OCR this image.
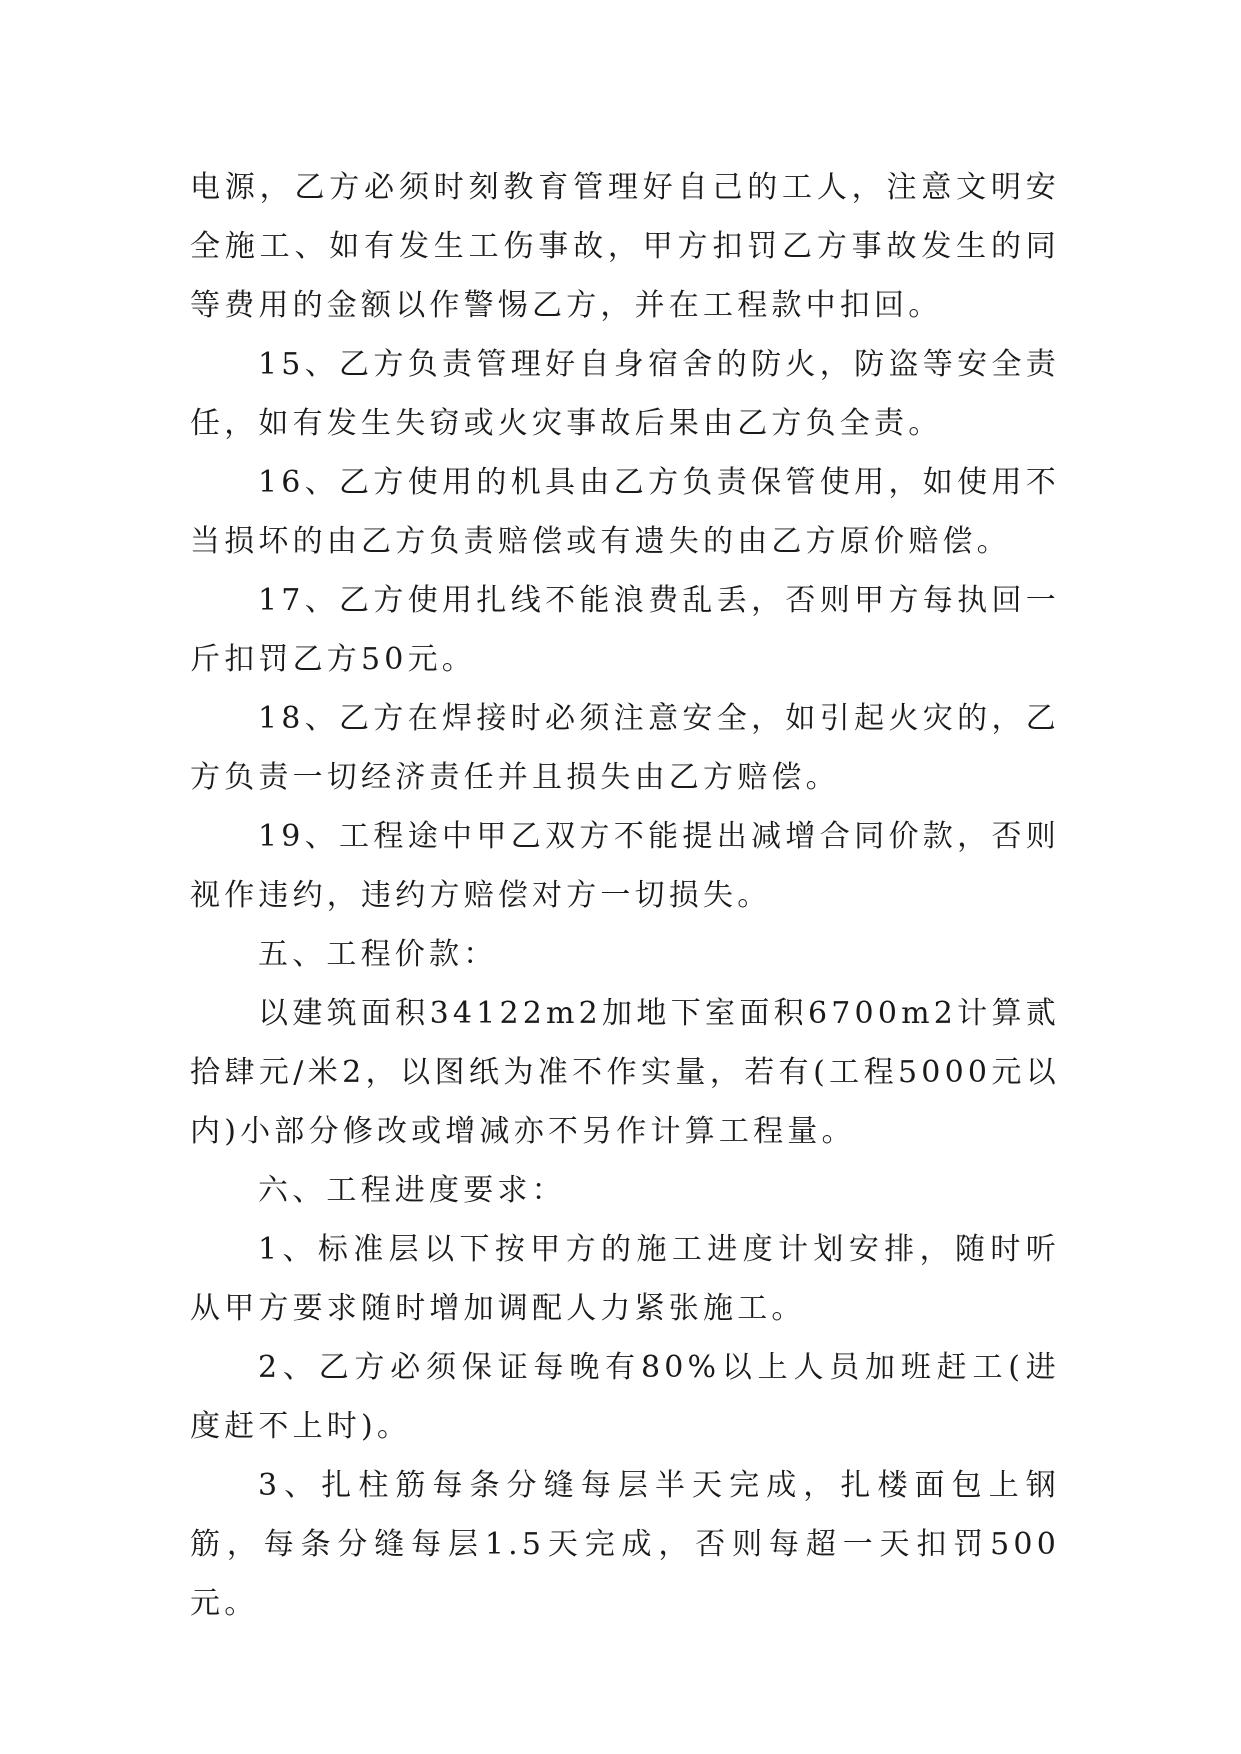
电源，乙方必须时刻教育管理好自己的工人，注意文明安全施工、如有发生工伤事故，甲方扣罚乙方事故发生的同等费用的金额以作警惕乙方，并在工程款中扣回。

15、乙方负责管理好自身宿舍的防火，防盗等安全责任，如有发生失窃或火灾事故后果由乙方负全责。

16、乙方使用的机具由乙方负责保管使用，如使用不当损坏的由乙方负责赔偿或有遗失的由乙方原价赔偿。

17、乙方使用扎线不能浪费乱丢，否则甲方每执回一斤扣罚乙方50元。

18、乙方在焊接时必须注意安全，如引起火灾的，乙方负责一切经济责任并且损失由乙方赔偿。

19、工程途中甲乙双方不能提出减增合同价款，否则视作违约，违约方赔偿对方一切损失。

五、工程价款：

以建筑面积34122m2加地下室面积6700m2计算贰拾肆元/米2，以图纸为准不作实量，若有(工程5000元以内)小部分修改或增减亦不另作计算工程量。

六、工程进度要求：

1、标准层以下按甲方的施工进度计划安排，随时听从甲方要求随时增加调配人力紧张施工。

2、乙方必须保证每晚有80%以上人员加班赶工(进度赶不上时)。

3、扎柱筋每条分缝每层半天完成，扎楼面包上钢筋，每条分缝每层1.5天完成，否则每超一天扣罚500元。
